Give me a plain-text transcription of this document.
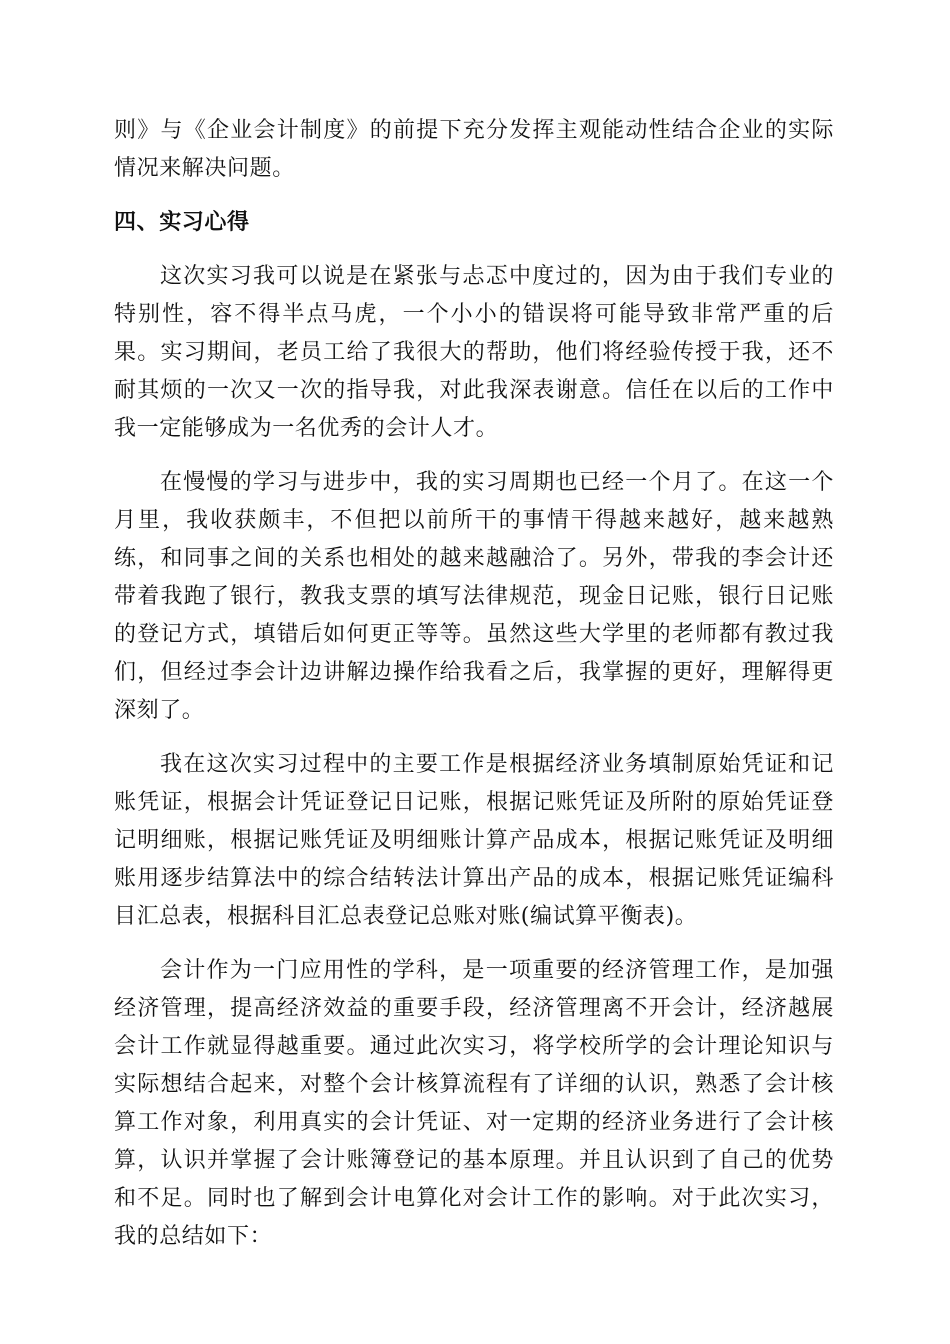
则》与《企业会计制度》的前提下充分发挥主观能动性结合企业的实际情况来解决问题。

四、实习心得

这次实习我可以说是在紧张与忐忑中度过的，因为由于我们专业的特别性，容不得半点马虎，一个小小的错误将可能导致非常严重的后果。实习期间，老员工给了我很大的帮助，他们将经验传授于我，还不耐其烦的一次又一次的指导我，对此我深表谢意。信任在以后的工作中我一定能够成为一名优秀的会计人才。

在慢慢的学习与进步中，我的实习周期也已经一个月了。在这一个月里，我收获颇丰，不但把以前所干的事情干得越来越好，越来越熟练，和同事之间的关系也相处的越来越融洽了。另外，带我的李会计还带着我跑了银行，教我支票的填写法律规范，现金日记账，银行日记账的登记方式，填错后如何更正等等。虽然这些大学里的老师都有教过我们，但经过李会计边讲解边操作给我看之后，我掌握的更好，理解得更深刻了。

我在这次实习过程中的主要工作是根据经济业务填制原始凭证和记账凭证，根据会计凭证登记日记账，根据记账凭证及所附的原始凭证登记明细账，根据记账凭证及明细账计算产品成本，根据记账凭证及明细账用逐步结算法中的综合结转法计算出产品的成本，根据记账凭证编科目汇总表，根据科目汇总表登记总账对账(编试算平衡表)。

会计作为一门应用性的学科，是一项重要的经济管理工作，是加强经济管理，提高经济效益的重要手段，经济管理离不开会计，经济越展会计工作就显得越重要。通过此次实习，将学校所学的会计理论知识与实际想结合起来，对整个会计核算流程有了详细的认识，熟悉了会计核算工作对象，利用真实的会计凭证、对一定期的经济业务进行了会计核算，认识并掌握了会计账簿登记的基本原理。并且认识到了自己的优势和不足。同时也了解到会计电算化对会计工作的影响。对于此次实习，我的总结如下：
